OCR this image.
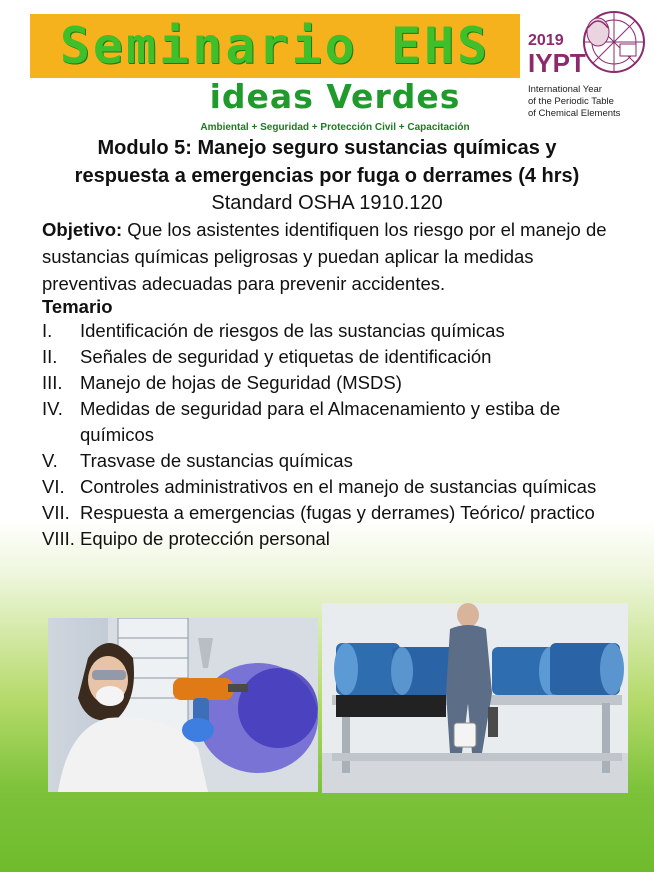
Seminario EHS
ideas Verdes
Ambiental + Seguridad + Protección Civil + Capacitación
2019
IYPT
International Year
of the Periodic Table
of Chemical Elements
Modulo 5: Manejo seguro sustancias químicas y
respuesta a emergencias por fuga o derrames (4 hrs)
Standard OSHA 1910.120

Objetivo: Que los asistentes identifiquen los riesgo por el manejo de sustancias químicas peligrosas y puedan aplicar la medidas preventivas adecuadas para prevenir accidentes.

Temario
I.	Identificación de riesgos de las sustancias químicas
II.	Señales de seguridad y etiquetas de identificación
III. Manejo de hojas de Seguridad (MSDS)
IV. Medidas de seguridad para el Almacenamiento y estiba de químicos
V.	Trasvase de sustancias químicas
VI. Controles administrativos en el manejo de sustancias químicas
VII. Respuesta a emergencias (fugas y derrames) Teórico/ practico
VIII. Equipo de protección personal
